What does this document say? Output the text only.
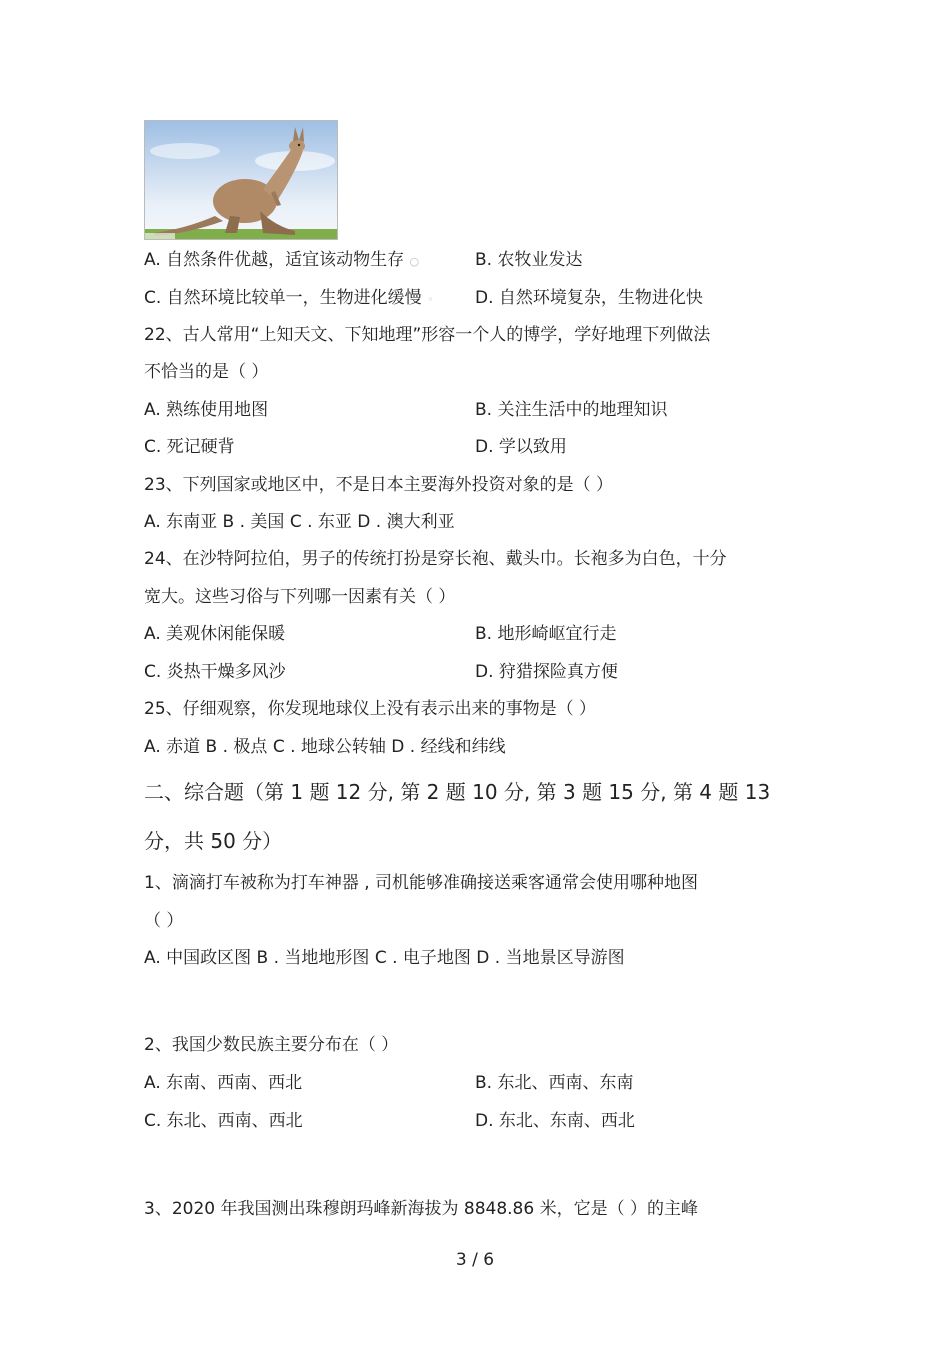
A. 自然条件优越，适宜该动物生存 ○	B. 农牧业发达
C. 自然环境比较单一，生物进化缓慢 ◦ D. 自然环境复杂，生物进化快
22、古人常用“上知天文、下知地理”形容一个人的博学，学好地理下列做法
不恰当的是（ ）
A. 熟练使用地图	B. 关注生活中的地理知识
C. 死记硬背	D. 学以致用
23、下列国家或地区中，不是日本主要海外投资对象的是（ ）
A. 东南亚 B . 美国 C . 东亚 D . 澳大利亚
24、在沙特阿拉伯，男子的传统打扮是穿长袍、戴头巾。长袍多为白色，十分
宽大。这些习俗与下列哪一因素有关（ ）
A. 美观休闲能保暖	B. 地形崎岖宜行走
C. 炎热干燥多风沙	D. 狩猎探险真方便
25、仔细观察，你发现地球仪上没有表示出来的事物是（ ）
A. 赤道 B . 极点 C . 地球公转轴 D . 经线和纬线
二、综合题（第 1 题 12 分, 第 2 题 10 分, 第 3 题 15 分, 第 4 题 13
分，共 50 分）
1、滴滴打车被称为打车神器 , 司机能够准确接送乘客通常会使用哪种地图
（ ）
A. 中国政区图 B . 当地地形图 C . 电子地图 D . 当地景区导游图
2、我国少数民族主要分布在（ ）
A. 东南、西南、西北	B. 东北、西南、东南
C. 东北、西南、西北	D. 东北、东南、西北
3、2020 年我国测出珠穆朗玛峰新海拔为 8848.86 米，它是（ ）的主峰
3 / 6
